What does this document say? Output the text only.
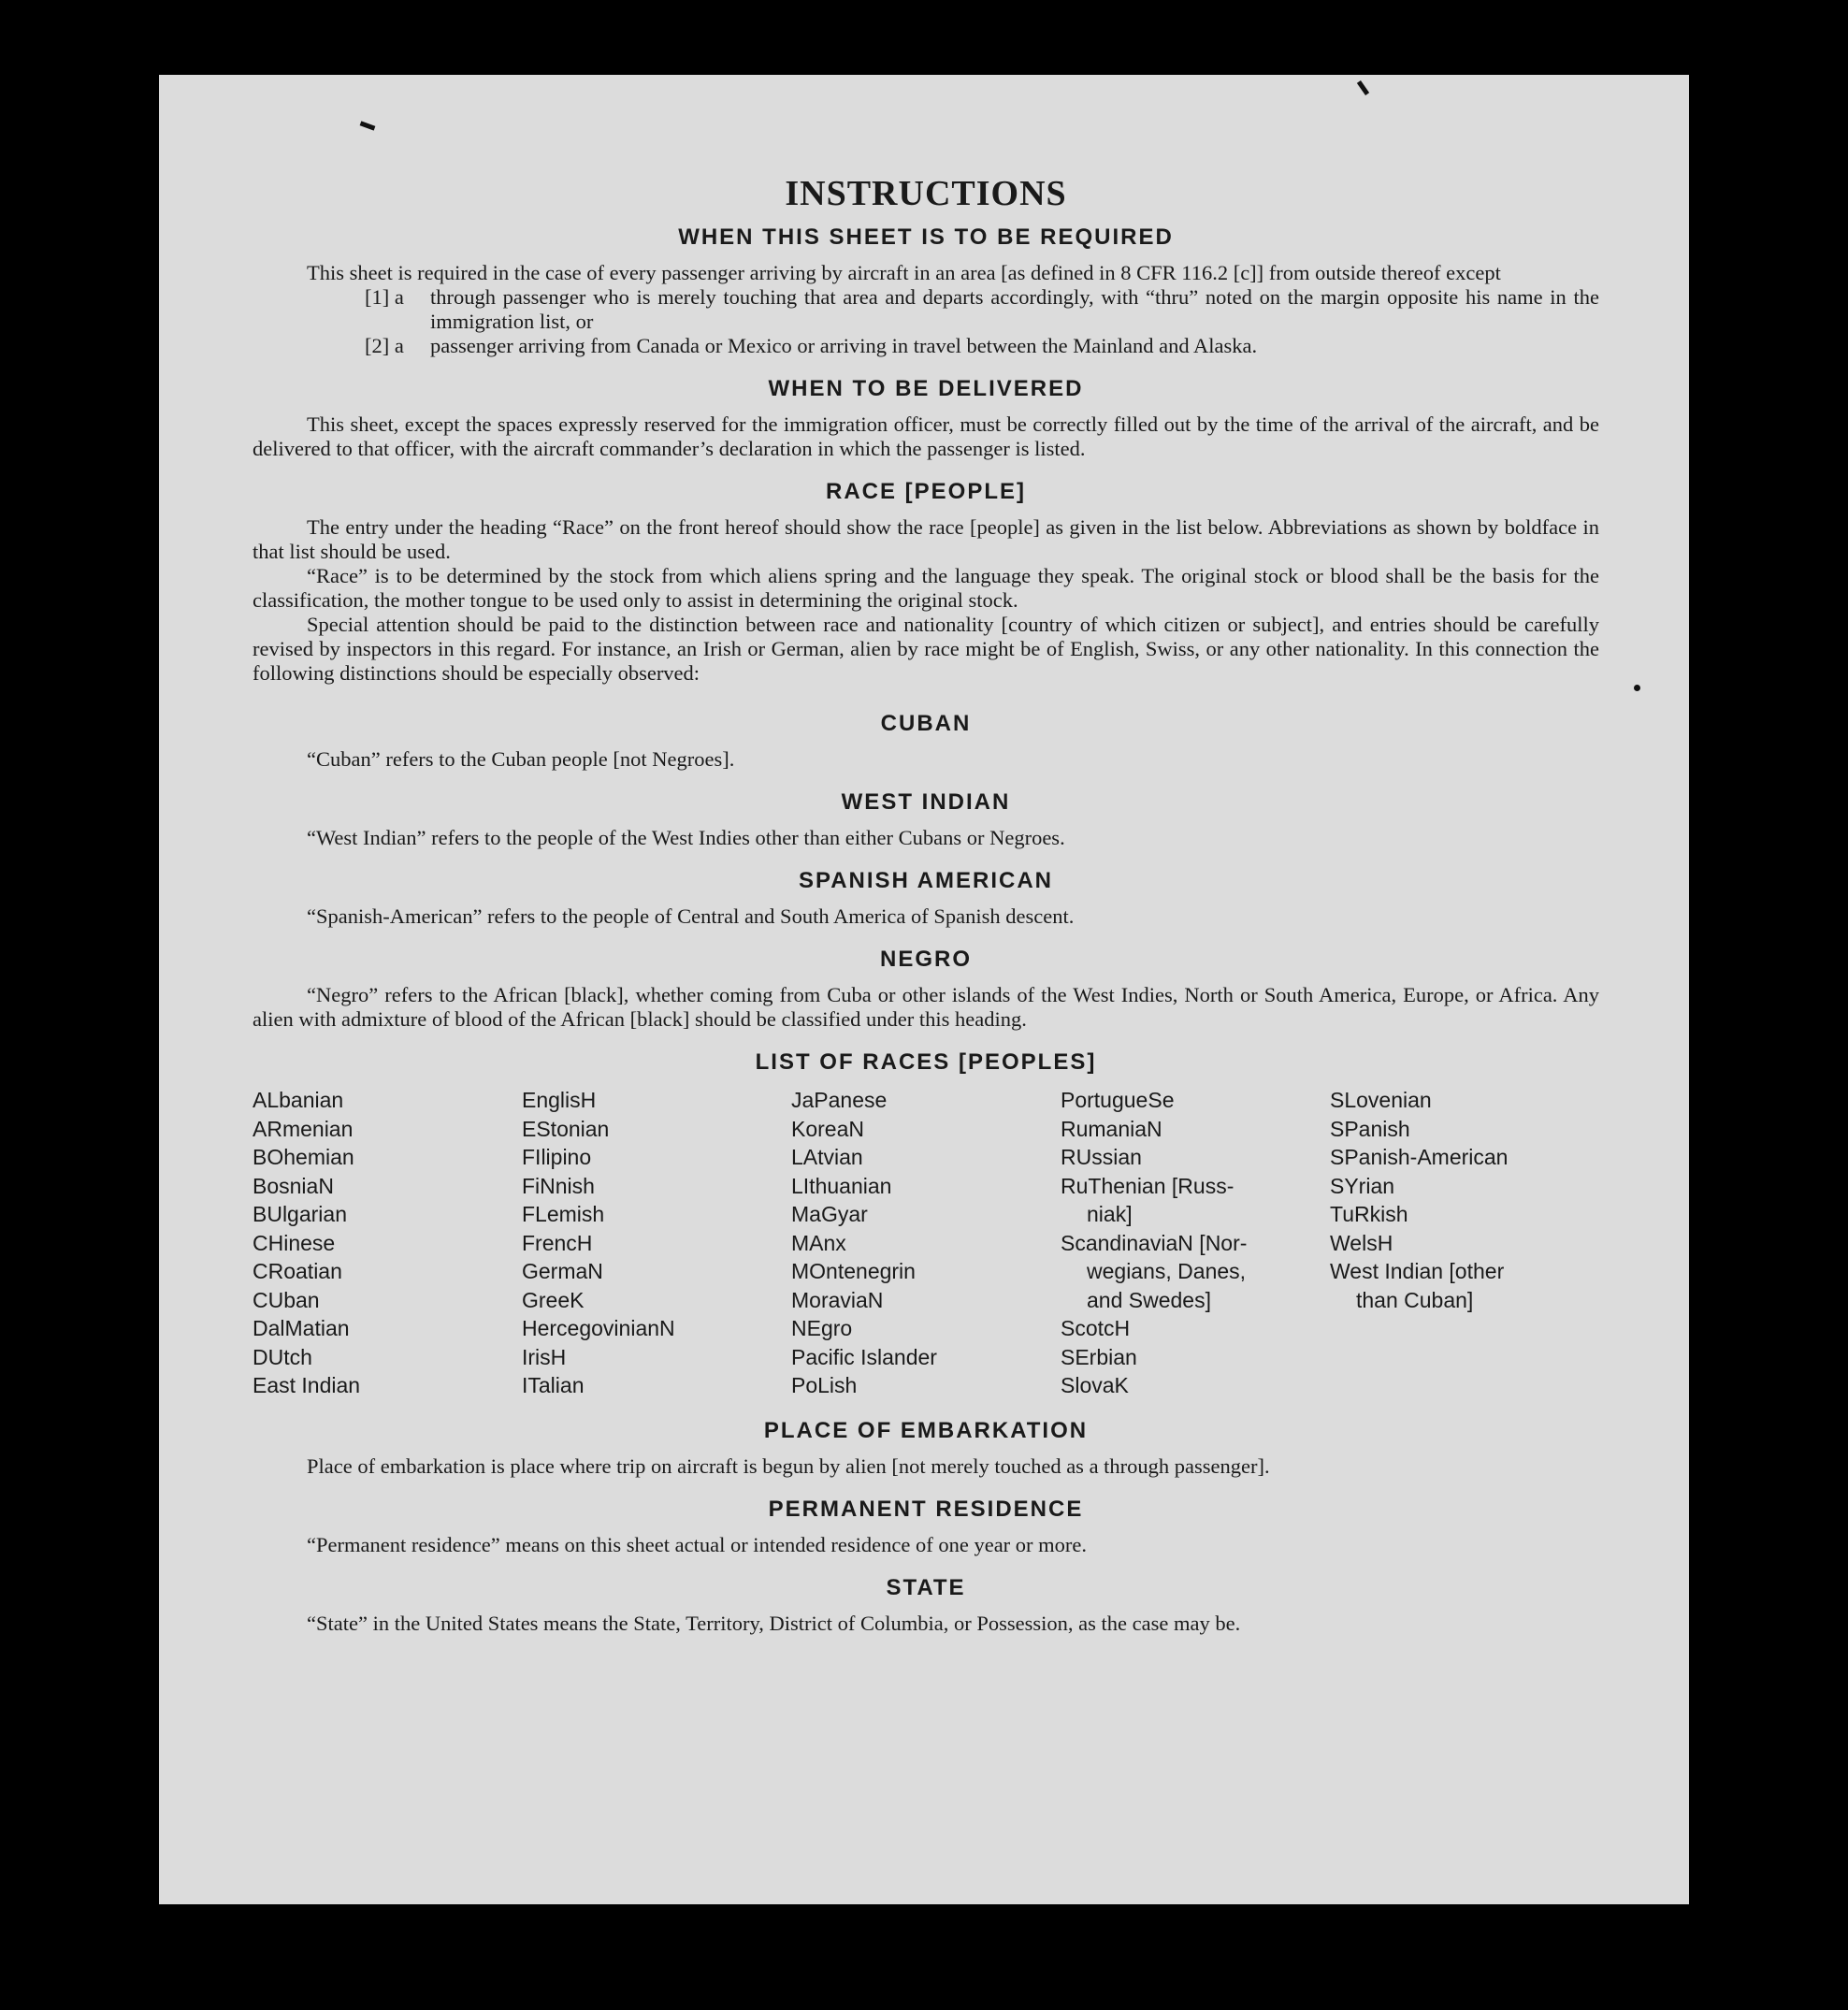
INSTRUCTIONS
WHEN THIS SHEET IS TO BE REQUIRED

This sheet is required in the case of every passenger arriving by aircraft in an area [as defined in 8 CFR 116.2 [c]] from outside thereof except

[1] a	through passenger who is merely touching that area and departs accordingly, with “thru” noted on the margin opposite his name in the immigration list, or
[2] a	passenger arriving from Canada or Mexico or arriving in travel between the Mainland and Alaska.
WHEN TO BE DELIVERED

This sheet, except the spaces expressly reserved for the immigration officer, must be correctly filled out by the time of the arrival of the aircraft, and be delivered to that officer, with the aircraft commander’s declaration in which the passenger is listed.

RACE [PEOPLE]

The entry under the heading “Race” on the front hereof should show the race [people] as given in the list below. Abbreviations as shown by boldface in that list should be used.

“Race” is to be determined by the stock from which aliens spring and the language they speak. The original stock or blood shall be the basis for the classification, the mother tongue to be used only to assist in determining the original stock.

Special attention should be paid to the distinction between race and nationality [country of which citizen or subject], and entries should be carefully revised by inspectors in this regard. For instance, an Irish or German, alien by race might be of English, Swiss, or any other nationality. In this connection the following distinctions should be especially observed:

CUBAN

“Cuban” refers to the Cuban people [not Negroes].

WEST INDIAN

“West Indian” refers to the people of the West Indies other than either Cubans or Negroes.

SPANISH AMERICAN

“Spanish-American” refers to the people of Central and South America of Spanish descent.

NEGRO

“Negro” refers to the African [black], whether coming from Cuba or other islands of the West Indies, North or South America, Europe, or Africa. Any alien with admixture of blood of the African [black] should be classified under this heading.

LIST OF RACES [PEOPLES]
ALbanian
ARmenian
BOhemian
BosniaN
BUlgarian
CHinese
CRoatian
CUban
DalMatian
DUtch
East Indian
EnglisH
EStonian
FIlipino
FiNnish
FLemish
FrencH
GermaN
GreeK
HercegovinianN
IrisH
ITalian
JaPanese
KoreaN
LAtvian
LIthuanian
MaGyar
MAnx
MOntenegrin
MoraviaN
NEgro
Pacific Islander
PoLish
PortugueSe
RumaniaN
RUssian
RuThenian [Russ-
niak]
ScandinaviaN [Nor-
wegians, Danes,
and Swedes]
ScotcH
SErbian
SlovaK
SLovenian
SPanish
SPanish-American
SYrian
TuRkish
WelsH
West Indian [other
than Cuban]
PLACE OF EMBARKATION

Place of embarkation is place where trip on aircraft is begun by alien [not merely touched as a through passenger].

PERMANENT RESIDENCE

“Permanent residence” means on this sheet actual or intended residence of one year or more.

STATE

“State” in the United States means the State, Territory, District of Columbia, or Possession, as the case may be.
